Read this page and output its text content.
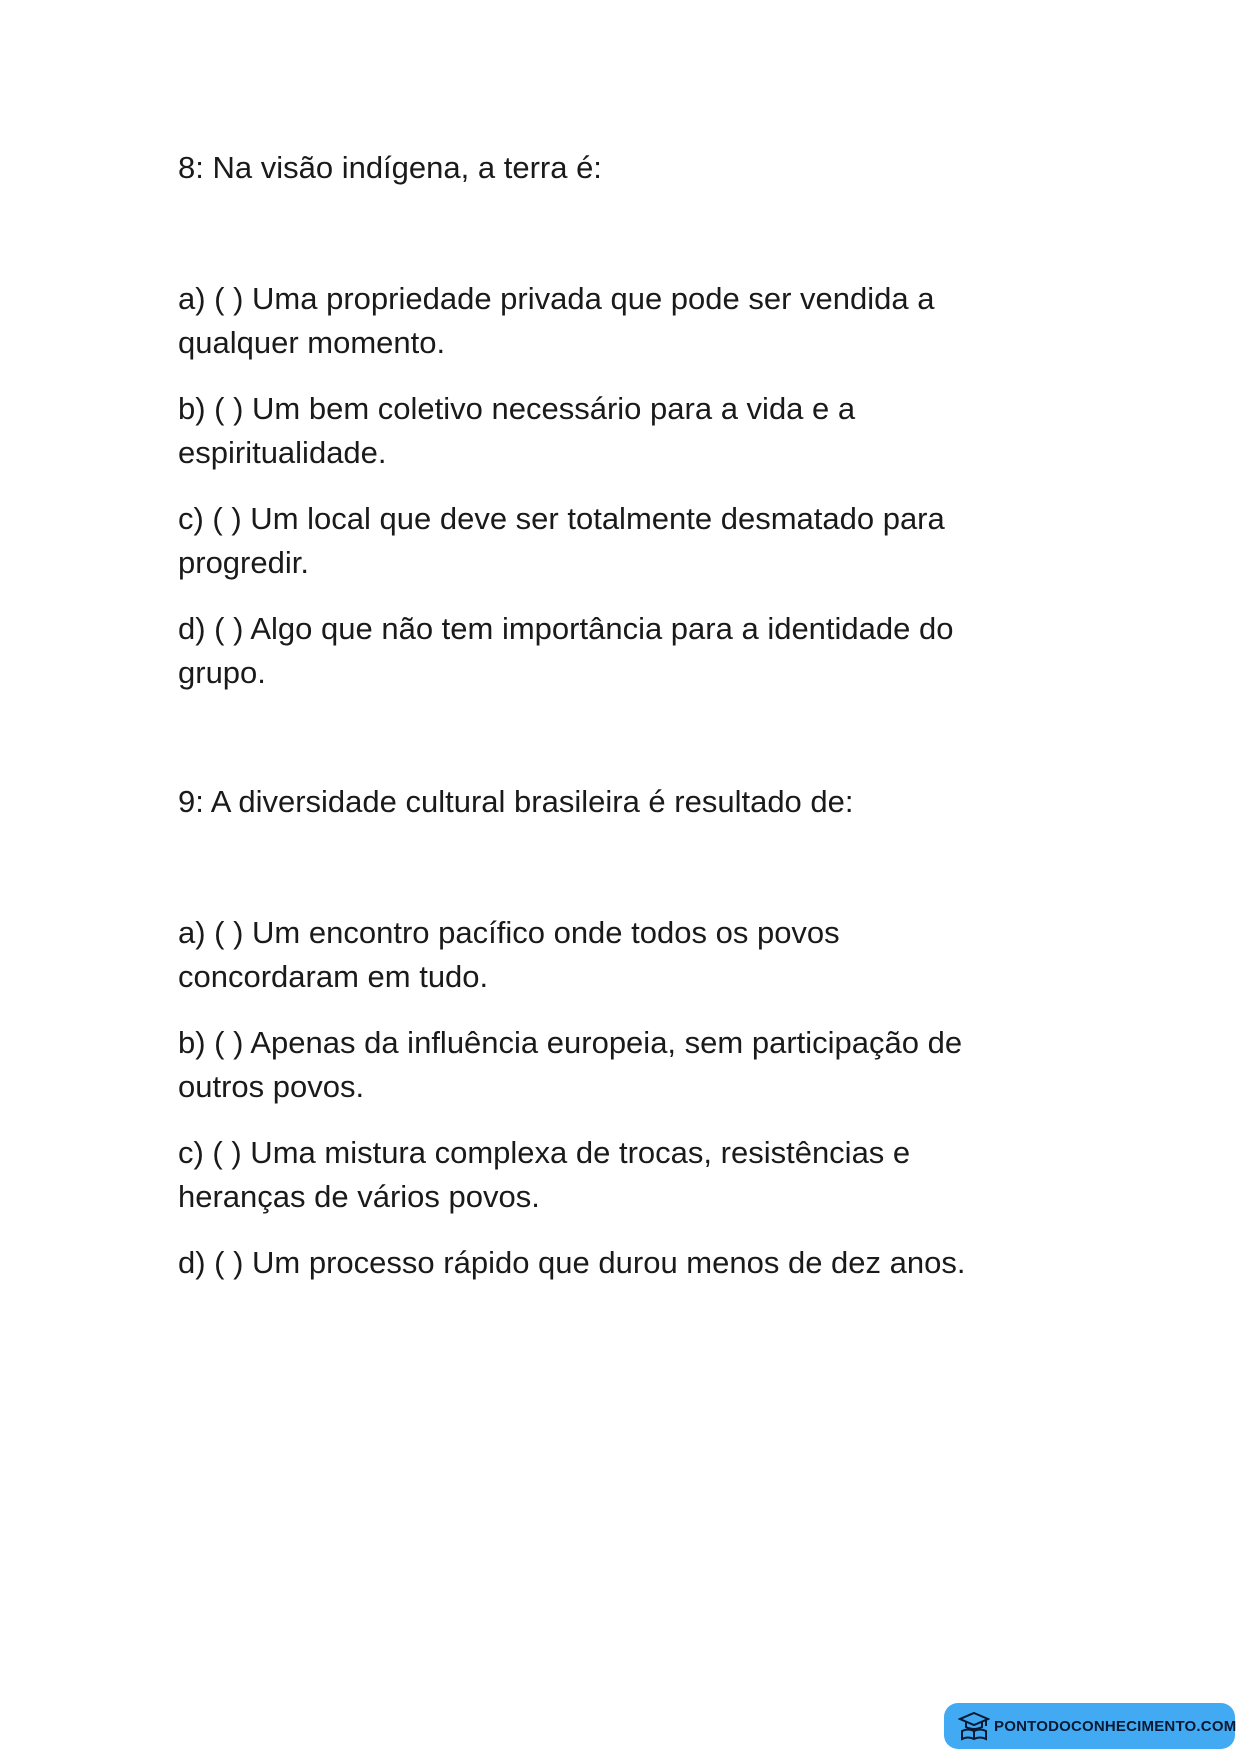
8: Na visão indígena, a terra é:

a) ( ) Uma propriedade privada que pode ser vendida a
qualquer momento.
b) ( ) Um bem coletivo necessário para a vida e a
espiritualidade.
c) ( ) Um local que deve ser totalmente desmatado para
progredir.
d) ( ) Algo que não tem importância para a identidade do
grupo.

9: A diversidade cultural brasileira é resultado de:

a) ( ) Um encontro pacífico onde todos os povos
concordaram em tudo.
b) ( ) Apenas da influência europeia, sem participação de
outros povos.
c) ( ) Uma mistura complexa de trocas, resistências e
heranças de vários povos.
d) ( ) Um processo rápido que durou menos de dez anos.
PONTODOCONHECIMENTO.COM
